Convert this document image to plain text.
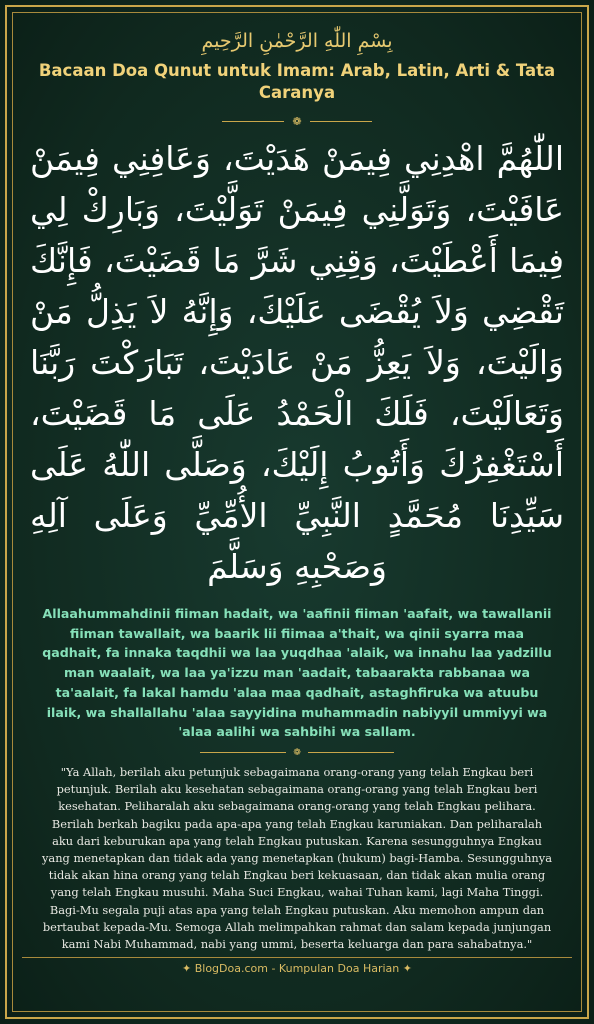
بِسْمِ اللّٰهِ الرَّحْمٰنِ الرَّحِيمِ
Bacaan Doa Qunut untuk Imam: Arab, Latin, Arti & Tata Caranya
❁
اللّٰهُمَّ اهْدِنِي فِيمَنْ هَدَيْتَ، وَعَافِنِي فِيمَنْ عَافَيْتَ، وَتَوَلَّنِي فِيمَنْ تَوَلَّيْتَ، وَبَارِكْ لِي فِيمَا أَعْطَيْتَ، وَقِنِي شَرَّ مَا قَضَيْتَ، فَإِنَّكَ تَقْضِي وَلاَ يُقْضَى عَلَيْكَ، وَإِنَّهُ لاَ يَذِلُّ مَنْ وَالَيْتَ، وَلاَ يَعِزُّ مَنْ عَادَيْتَ، تَبَارَكْتَ رَبَّنَا وَتَعَالَيْتَ، فَلَكَ الْحَمْدُ عَلَى مَا قَضَيْتَ، أَسْتَغْفِرُكَ وَأَتُوبُ إِلَيْكَ، وَصَلَّى اللّٰهُ عَلَى سَيِّدِنَا مُحَمَّدٍ النَّبِيِّ الأُمِّيِّ وَعَلَى آلِهِ وَصَحْبِهِ وَسَلَّمَ
Allaahummahdinii fiiman hadait, wa 'aafinii fiiman 'aafait, wa tawallanii fiiman tawallait, wa baarik lii fiimaa a'thait, wa qinii syarra maa qadhait, fa innaka taqdhii wa laa yuqdhaa 'alaik, wa innahu laa yadzillu man waalait, wa laa ya'izzu man 'aadait, tabaarakta rabbanaa wa ta'aalait, fa lakal hamdu 'alaa maa qadhait, astaghfiruka wa atuubu ilaik, wa shallallahu 'alaa sayyidina muhammadin nabiyyil ummiyyi wa 'alaa aalihi wa sahbihi wa sallam.
❁
"Ya Allah, berilah aku petunjuk sebagaimana orang-orang yang telah Engkau beri petunjuk. Berilah aku kesehatan sebagaimana orang-orang yang telah Engkau beri kesehatan. Peliharalah aku sebagaimana orang-orang yang telah Engkau pelihara. Berilah berkah bagiku pada apa-apa yang telah Engkau karuniakan. Dan peliharalah aku dari keburukan apa yang telah Engkau putuskan. Karena sesungguhnya Engkau yang menetapkan dan tidak ada yang menetapkan (hukum) bagi-Hamba. Sesungguhnya tidak akan hina orang yang telah Engkau beri kekuasaan, dan tidak akan mulia orang yang telah Engkau musuhi. Maha Suci Engkau, wahai Tuhan kami, lagi Maha Tinggi. Bagi-Mu segala puji atas apa yang telah Engkau putuskan. Aku memohon ampun dan bertaubat kepada-Mu. Semoga Allah melimpahkan rahmat dan salam kepada junjungan kami Nabi Muhammad, nabi yang ummi, beserta keluarga dan para sahabatnya."
✦ BlogDoa.com - Kumpulan Doa Harian ✦
